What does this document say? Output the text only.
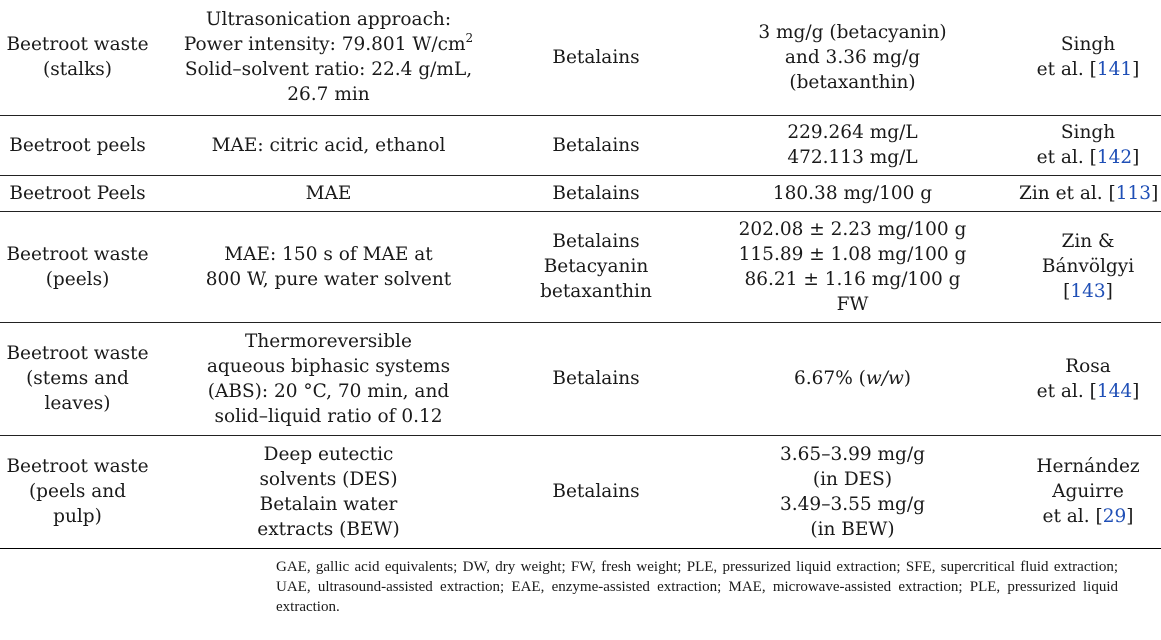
Beetroot waste
(stalks)	Ultrasonication approach:
Power intensity: 79.801 $W/cm^2$
Solid–solvent ratio: 22.4 g/mL,
26.7 min	Betalains	3 mg/g (betacyanin)
and 3.36 mg/g
(betaxanthin)	Singh
et al. [141]

Beetroot peels	MAE: citric acid, ethanol	Betalains	229.264 mg/L
472.113 mg/L	Singh
et al. [142]

Beetroot Peels	MAE	Betalains	180.38 mg/100 g	Zin et al. [113]

Beetroot waste
(peels)	MAE: 150 s of MAE at
800 W, pure water solvent	Betalains
Betacyanin
betaxanthin	202.08 ± 2.23 mg/100 g
115.89 ± 1.08 mg/100 g
86.21 ± 1.16 mg/100 g
FW	Zin &
Bánvölgyi
[143]

Beetroot waste
(stems and
leaves)	Thermoreversible
aqueous biphasic systems
(ABS): 20 °C, 70 min, and
solid–liquid ratio of 0.12	Betalains	6.67% (w/w)	Rosa
et al. [144]

Beetroot waste
(peels and
pulp)	Deep eutectic
solvents (DES)
Betalain water
extracts (BEW)	Betalains	3.65–3.99 mg/g
(in DES)
3.49–3.55 mg/g
(in BEW)	Hernández
Aguirre
et al. [29]
GAE, gallic acid equivalents; DW, dry weight; FW, fresh weight; PLE, pressurized liquid extraction; SFE, supercritical fluid extraction; UAE, ultrasound-assisted extraction; EAE, enzyme-assisted extraction; MAE, microwave-assisted extraction; PLE, pressurized liquid extraction.
